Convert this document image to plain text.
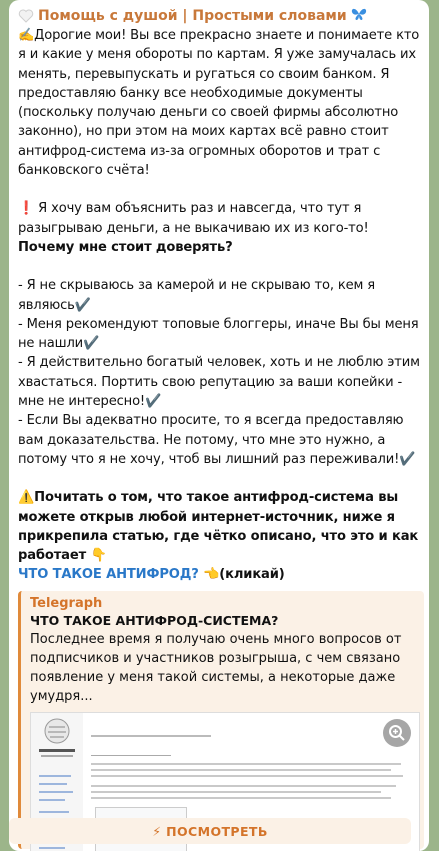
Помощь с душой | Простыми словами

✍️Дорогие мои! Вы все прекрасно знаете и понимаете кто я и какие у меня обороты по картам. Я уже замучалась их менять, перевыпускать и ругаться со своим банком. Я предоставляю банку все необходимые документы (поскольку получаю деньги со своей фирмы абсолютно законно), но при этом на моих картах всё равно стоит антифрод-система из-за огромных оборотов и трат с банковского счёта!

❗ Я хочу вам объяснить раз и навсегда, что тут я разыгрываю деньги, а не выкачиваю их из кого-то!

Почему мне стоит доверять?

- Я не скрываюсь за камерой и не скрываю то, кем я являюсь✔️

- Меня рекомендуют топовые блоггеры, иначе Вы бы меня не нашли✔️

- Я действительно богатый человек, хоть и не люблю этим хвастаться. Портить свою репутацию за ваши копейки - мне не интересно!✔️

- Если Вы адекватно просите, то я всегда предоставляю вам доказательства. Не потому, что мне это нужно, а потому что я не хочу, чтоб вы лишний раз переживали!✔️

⚠️Почитать о том, что такое антифрод-система вы можете открыв любой интернет-источник, ниже я прикрепила статью, где чётко описано, что это и как работает 👇

ЧТО ТАКОЕ АНТИФРОД? 👈(кликай)

Telegraph
ЧТО ТАКОЕ АНТИФРОД-СИСТЕМА?
Последнее время я получаю очень много вопросов от подписчиков и участников розыгрыша, с чем связано появление у меня такой системы, а некоторые даже умудря...
⚡ ПОСМОТРЕТЬ
